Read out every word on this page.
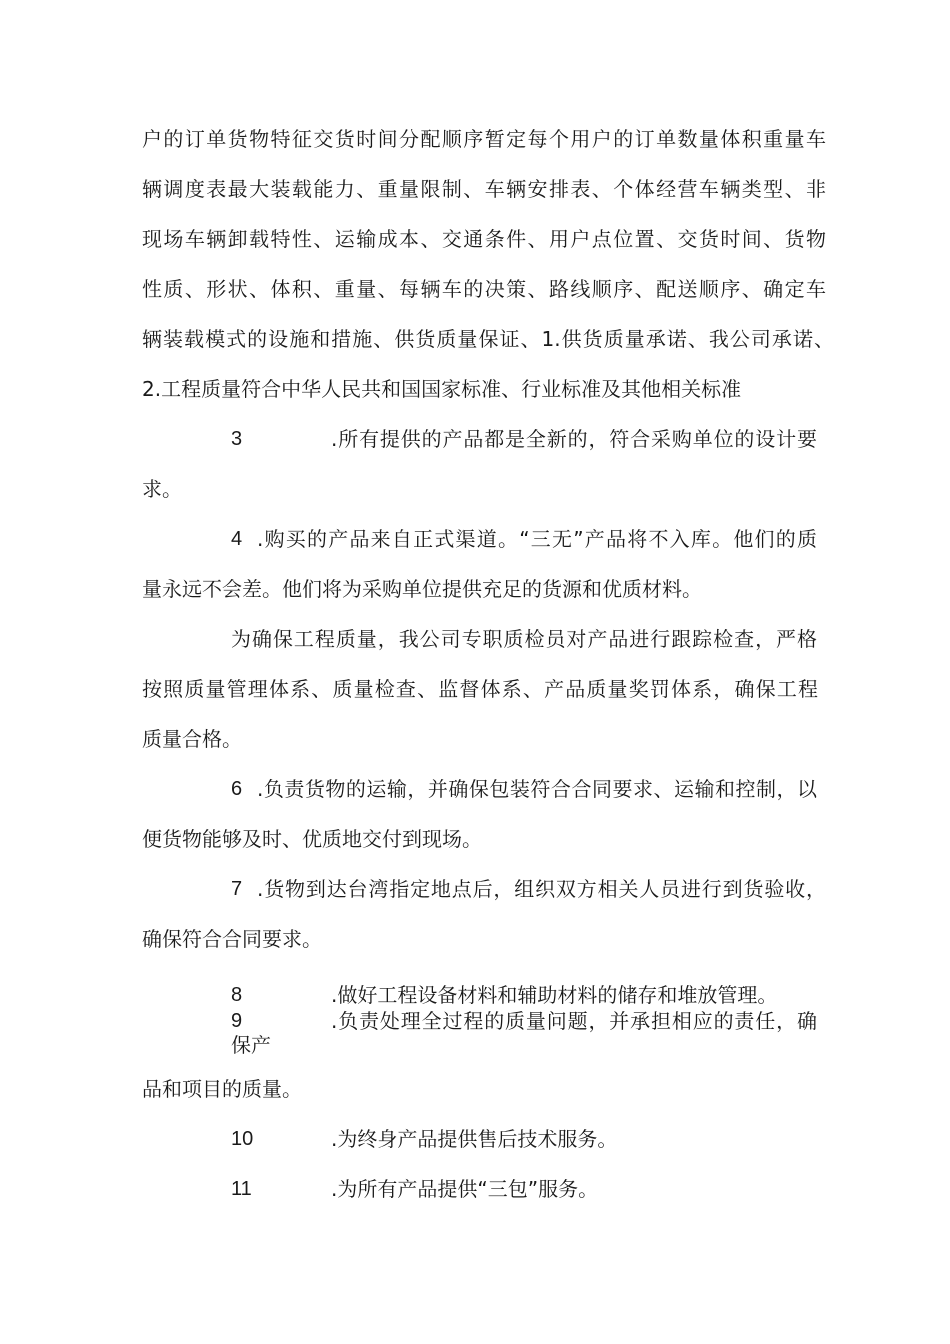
户的订单货物特征交货时间分配顺序暂定每个用户的订单数量体积重量车
辆调度表最大装载能力、重量限制、车辆安排表、个体经营车辆类型、非
现场车辆卸载特性、运输成本、交通条件、用户点位置、交货时间、货物
性质、形状、体积、重量、每辆车的决策、路线顺序、配送顺序、确定车
辆装载模式的设施和措施、供货质量保证、1.供货质量承诺、我公司承诺、
2.工程质量符合中华人民共和国国家标准、行业标准及其他相关标准
3	.所有提供的产品都是全新的，符合采购单位的设计要
求。
4 .购买的产品来自正式渠道。“三无”产品将不入库。他们的质
量永远不会差。他们将为采购单位提供充足的货源和优质材料。
为确保工程质量，我公司专职质检员对产品进行跟踪检查，严格
按照质量管理体系、质量检查、监督体系、产品质量奖罚体系，确保工程
质量合格。
6 .负责货物的运输，并确保包装符合合同要求、运输和控制，以
便货物能够及时、优质地交付到现场。
7 .货物到达台湾指定地点后，组织双方相关人员进行到货验收，
确保符合合同要求。
8	.做好工程设备材料和辅助材料的储存和堆放管理。
9	.负责处理全过程的质量问题，并承担相应的责任，确
保产
品和项目的质量。
10	.为终身产品提供售后技术服务。
11	.为所有产品提供“三包”服务。
